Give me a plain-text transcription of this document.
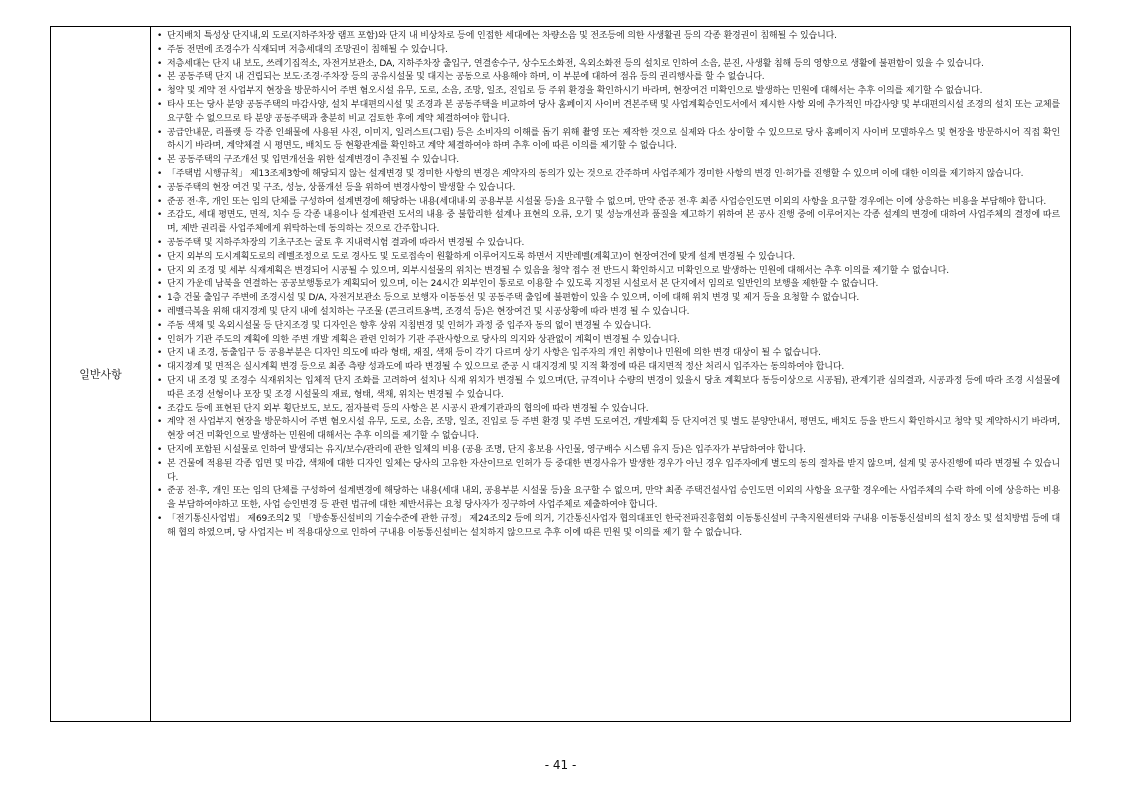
일반사항
• 단지배치 특성상 단지내,외 도로(지하주차장 램프 포함)와 단지 내 비상차로 등에 인접한 세대에는 차량소음 및 전조등에 의한 사생활권 등의 각종 환경권이 침해될 수 있습니다.
• 주동 전면에 조경수가 식재되며 저층세대의 조망권이 침해될 수 있습니다.
• 저층세대는 단지 내 보도, 쓰레기집적소, 자전거보관소, DA, 지하주차장 출입구, 연결송수구, 상수도소화전, 옥외소화전 등의 설치로 인하여 소음, 분진, 사생활 침해 등의 영향으로 생활에 불편함이 있을 수 있습니다.
• 본 공동주택 단지 내 건립되는 보도·조경·주차장 등의 공유시설물 및 대지는 공동으로 사용해야 하며, 이 부분에 대하여 점유 등의 권리행사를 할 수 없습니다.
• 청약 및 계약 전 사업부지 현장을 방문하시어 주변 혐오시설 유무, 도로, 소음, 조망, 일조, 진입로 등 주위 환경을 확인하시기 바라며, 현장여건 미확인으로 발생하는 민원에 대해서는 추후 이의를 제기할 수 없습니다.
• 타사 또는 당사 분양 공동주택의 마감사양, 설치 부대편의시설 및 조경과 본 공동주택을 비교하여 당사 홈페이지 사이버 견본주택 및 사업계획승인도서에서 제시한 사항 외에 추가적인 마감사양 및 부대편의시설 조경의 설치 또는 교체를 요구할 수 없으므로 타 분양 공동주택과 충분히 비교 검토한 후에 계약 체결하여야 합니다.
• 공급안내문, 리플렛 등 각종 인쇄물에 사용된 사진, 이미지, 일러스트(그림) 등은 소비자의 이해를 돕기 위해 촬영 또는 제작한 것으로 실제와 다소 상이할 수 있으므로 당사 홈페이지 사이버 모델하우스 및 현장을 방문하시어 직접 확인하시기 바라며, 계약체결 시 평면도, 배치도 등 현황관계를 확인하고 계약 체결하여야 하며 추후 이에 따른 이의를 제기할 수 없습니다.
• 본 공동주택의 구조개선 및 입면개선을 위한 설계변경이 추진될 수 있습니다.
• 「주택법 시행규칙」 제13조제3항에 해당되지 않는 설계변경 및 경미한 사항의 변경은 계약자의 동의가 있는 것으로 간주하며 사업주체가 경미한 사항의 변경 인·허가를 진행할 수 있으며 이에 대한 이의를 제기하지 않습니다.
• 공동주택의 현장 여건 및 구조, 성능, 상품개선 등을 위하여 변경사항이 발생할 수 있습니다.
• 준공 전·후, 개인 또는 임의 단체를 구성하여 설계변경에 해당하는 내용(세대내·외 공용부분 시설물 등)을 요구할 수 없으며, 만약 준공 전·후 최종 사업승인도면 이외의 사항을 요구할 경우에는 이에 상응하는 비용을 부담해야 합니다.
• 조감도, 세대 평면도, 면적, 치수 등 각종 내용이나 설계관련 도서의 내용 중 불합리한 설계나 표현의 오류, 오기 및 성능개선과 품질을 제고하기 위하여 본 공사 진행 중에 이루어지는 각종 설계의 변경에 대하여 사업주체의 결정에 따르며, 제반 권리를 사업주체에게 위탁하는데 동의하는 것으로 간주합니다.
• 공동주택 및 지하주차장의 기초구조는 굴토 후 지내력시험 결과에 따라서 변경될 수 있습니다.
• 단지 외부의 도시계획도로의 레벨조정으로 도로 경사도 및 도로접속이 원활하게 이루어지도록 하면서 지반레벨(계획고)이 현장여건에 맞게 설계 변경될 수 있습니다.
• 단지 외 조경 및 세부 식재계획은 변경되어 시공될 수 있으며, 외부시설물의 위치는 변경될 수 있음을 청약 접수 전 반드시 확인하시고 미확인으로 발생하는 민원에 대해서는 추후 이의를 제기할 수 없습니다.
• 단지 가운데 남북을 연결하는 공공보행통로가 계획되어 있으며, 이는 24시간 외부인이 통로로 이용할 수 있도록 지정된 시설로서 본 단지에서 임의로 일반인의 보행을 제한할 수 없습니다.
• 1층 건물 출입구 주변에 조경시설 및 D/A, 자전거보관소 등으로 보행자 이동동선 및 공동주택 출입에 불편함이 있을 수 있으며, 이에 대해 위치 변경 및 제거 등을 요청할 수 없습니다.
• 레벨극복을 위해 대지경계 및 단지 내에 설치하는 구조물 (콘크리트옹벽, 조경석 등)은 현장여건 및 시공상황에 따라 변경 될 수 있습니다.
• 주동 색채 및 옥외시설물 등 단지조경 및 디자인은 향후 상위 지침변경 및 인허가 과정 중 입주자 동의 없이 변경될 수 있습니다.
• 인허가 기관 주도의 계획에 의한 주변 개발 계획은 관련 인허가 기관 주관사항으로 당사의 의지와 상관없이 계획이 변경될 수 있습니다.
• 단지 내 조경, 동출입구 등 공용부분은 디자인 의도에 따라 형태, 재질, 색채 등이 각기 다르며 상기 사항은 입주자의 개인 취향이나 민원에 의한 변경 대상이 될 수 없습니다.
• 대지경계 및 면적은 실시계획 변경 등으로 최종 측량 성과도에 따라 변경될 수 있으므로 준공 시 대지경계 및 지적 확정에 따른 대지면적 정산 처리시 입주자는 동의하여야 합니다.
• 단지 내 조경 및 조경수 식재위치는 입체적 단지 조화를 고려하여 설치나 식재 위치가 변경될 수 있으며(단, 규격이나 수량의 변경이 있을시 당초 계획보다 동등이상으로 시공됨), 관계기관 심의결과, 시공과정 등에 따라 조경 시설물에 따른 조경 선형이나 포장 및 조경 시설물의 재료, 형태, 색채, 위치는 변경될 수 있습니다.
• 조감도 등에 표현된 단지 외부 횡단보도, 보도, 점자블럭 등의 사항은 본 시공시 관계기관과의 협의에 따라 변경될 수 있습니다.
• 계약 전 사업부지 현장을 방문하시어 주변 혐오시설 유무, 도로, 소음, 조망, 일조, 진입로 등 주변 환경 및 주변 도로여건, 개발계획 등 단지여건 및 별도 분양안내서, 평면도, 배치도 등을 반드시 확인하시고 청약 및 계약하시기 바라며, 현장 여건 미확인으로 발생하는 민원에 대해서는 추후 이의를 제기할 수 없습니다.
• 단지에 포함된 시설물로 인하여 발생되는 유지/보수/관리에 관한 일체의 비용 (공용 조명, 단지 홍보용 사인물, 영구배수 시스템 유지 등)은 입주자가 부담하여야 합니다.
• 본 건물에 적용된 각종 입면 및 마감, 색채에 대한 디자인 일체는 당사의 고유한 자산이므로 인허가 등 중대한 변경사유가 발생한 경우가 아닌 경우 입주자에게 별도의 동의 절차를 받지 않으며, 설계 및 공사진행에 따라 변경될 수 있습니다.
• 준공 전·후, 개인 또는 임의 단체를 구성하여 설계변경에 해당하는 내용(세대 내외, 공용부분 시설물 등)을 요구할 수 없으며, 만약 최종 주택건설사업 승인도면 이외의 사항을 요구할 경우에는 사업주체의 수락 하에 이에 상응하는 비용을 부담하여야하고 또한, 사업 승인변경 등 관련 법규에 대한 제반서류는 요청 당사자가 징구하여 사업주체로 제출하여야 합니다.
• 「전기통신사업법」 제69조의2 및 「방송통신설비의 기술수준에 관한 규정」 제24조의2 등에 의거, 기간통신사업자 협의대표인 한국전파진흥협회 이동통신설비 구축지원센터와 구내용 이동통신설비의 설치 장소 및 설치방법 등에 대해 협의 하였으며, 당 사업지는 비 적용대상으로 인하여 구내용 이동통신설비는 설치하지 않으므로 추후 이에 따른 민원 및 이의를 제기 할 수 없습니다.
- 41 -
